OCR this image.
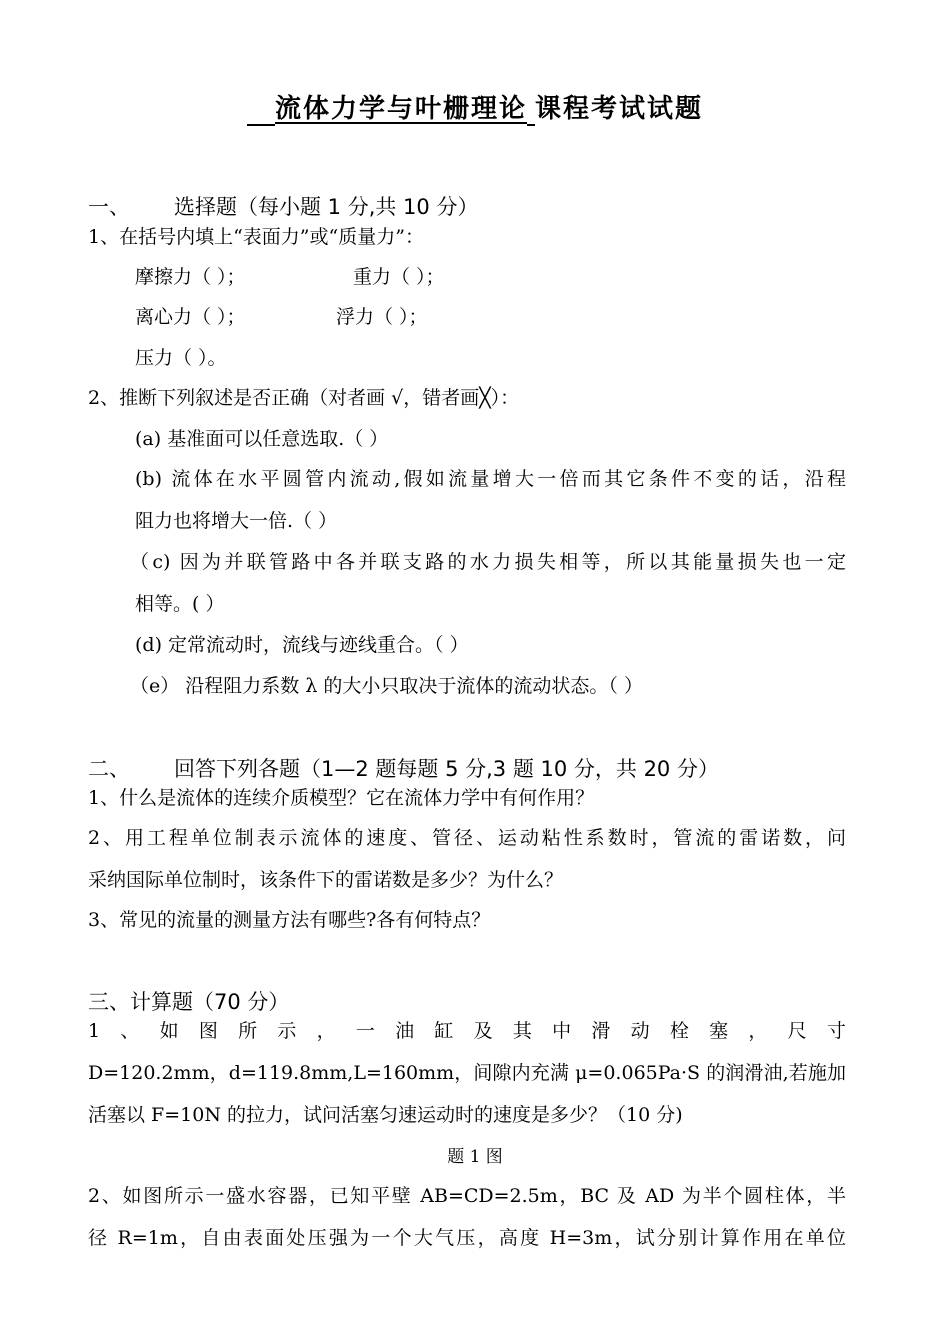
流体力学与叶栅理论 课程考试试题
一、 选择题（每小题 1 分,共 10 分）
1、在括号内填上“表面力”或“质量力”：
摩擦力（ ）；	重力（ ）；
离心力（ ）；	浮力（ ）；
压力（ ）。
2、推断下列叙述是否正确（对者画 √，错者画╳）：
(a) 基准面可以任意选取.（ ）
(b) 流体在水平圆管内流动,假如流量增大一倍而其它条件不变的话，沿程
阻力也将增大一倍.（ ）
（c) 因为并联管路中各并联支路的水力损失相等，所以其能量损失也一定
相等。( ）
(d) 定常流动时，流线与迹线重合。（ ）
（e） 沿程阻力系数 λ 的大小只取决于流体的流动状态。（ ）
二、 回答下列各题（1—2 题每题 5 分,3 题 10 分，共 20 分）
1、什么是流体的连续介质模型？它在流体力学中有何作用？
2、用工程单位制表示流体的速度、管径、运动粘性系数时，管流的雷诺数，问
采纳国际单位制时，该条件下的雷诺数是多少？为什么？
3、常见的流量的测量方法有哪些?各有何特点？
三、计算题（70 分）
1 、 如 图 所 示 ， 一 油 缸 及 其 中 滑 动 栓 塞 ， 尺 寸
D=120.2mm，d=119.8mm,L=160mm，间隙内充满 μ=0.065Pa·S 的润滑油,若施加
活塞以 F=10N 的拉力，试问活塞匀速运动时的速度是多少？（10 分)
题 1 图
2、如图所示一盛水容器，已知平壁 AB=CD=2.5m，BC 及 AD 为半个圆柱体，半
径 R=1m，自由表面处压强为一个大气压，高度 H=3m，试分别计算作用在单位
